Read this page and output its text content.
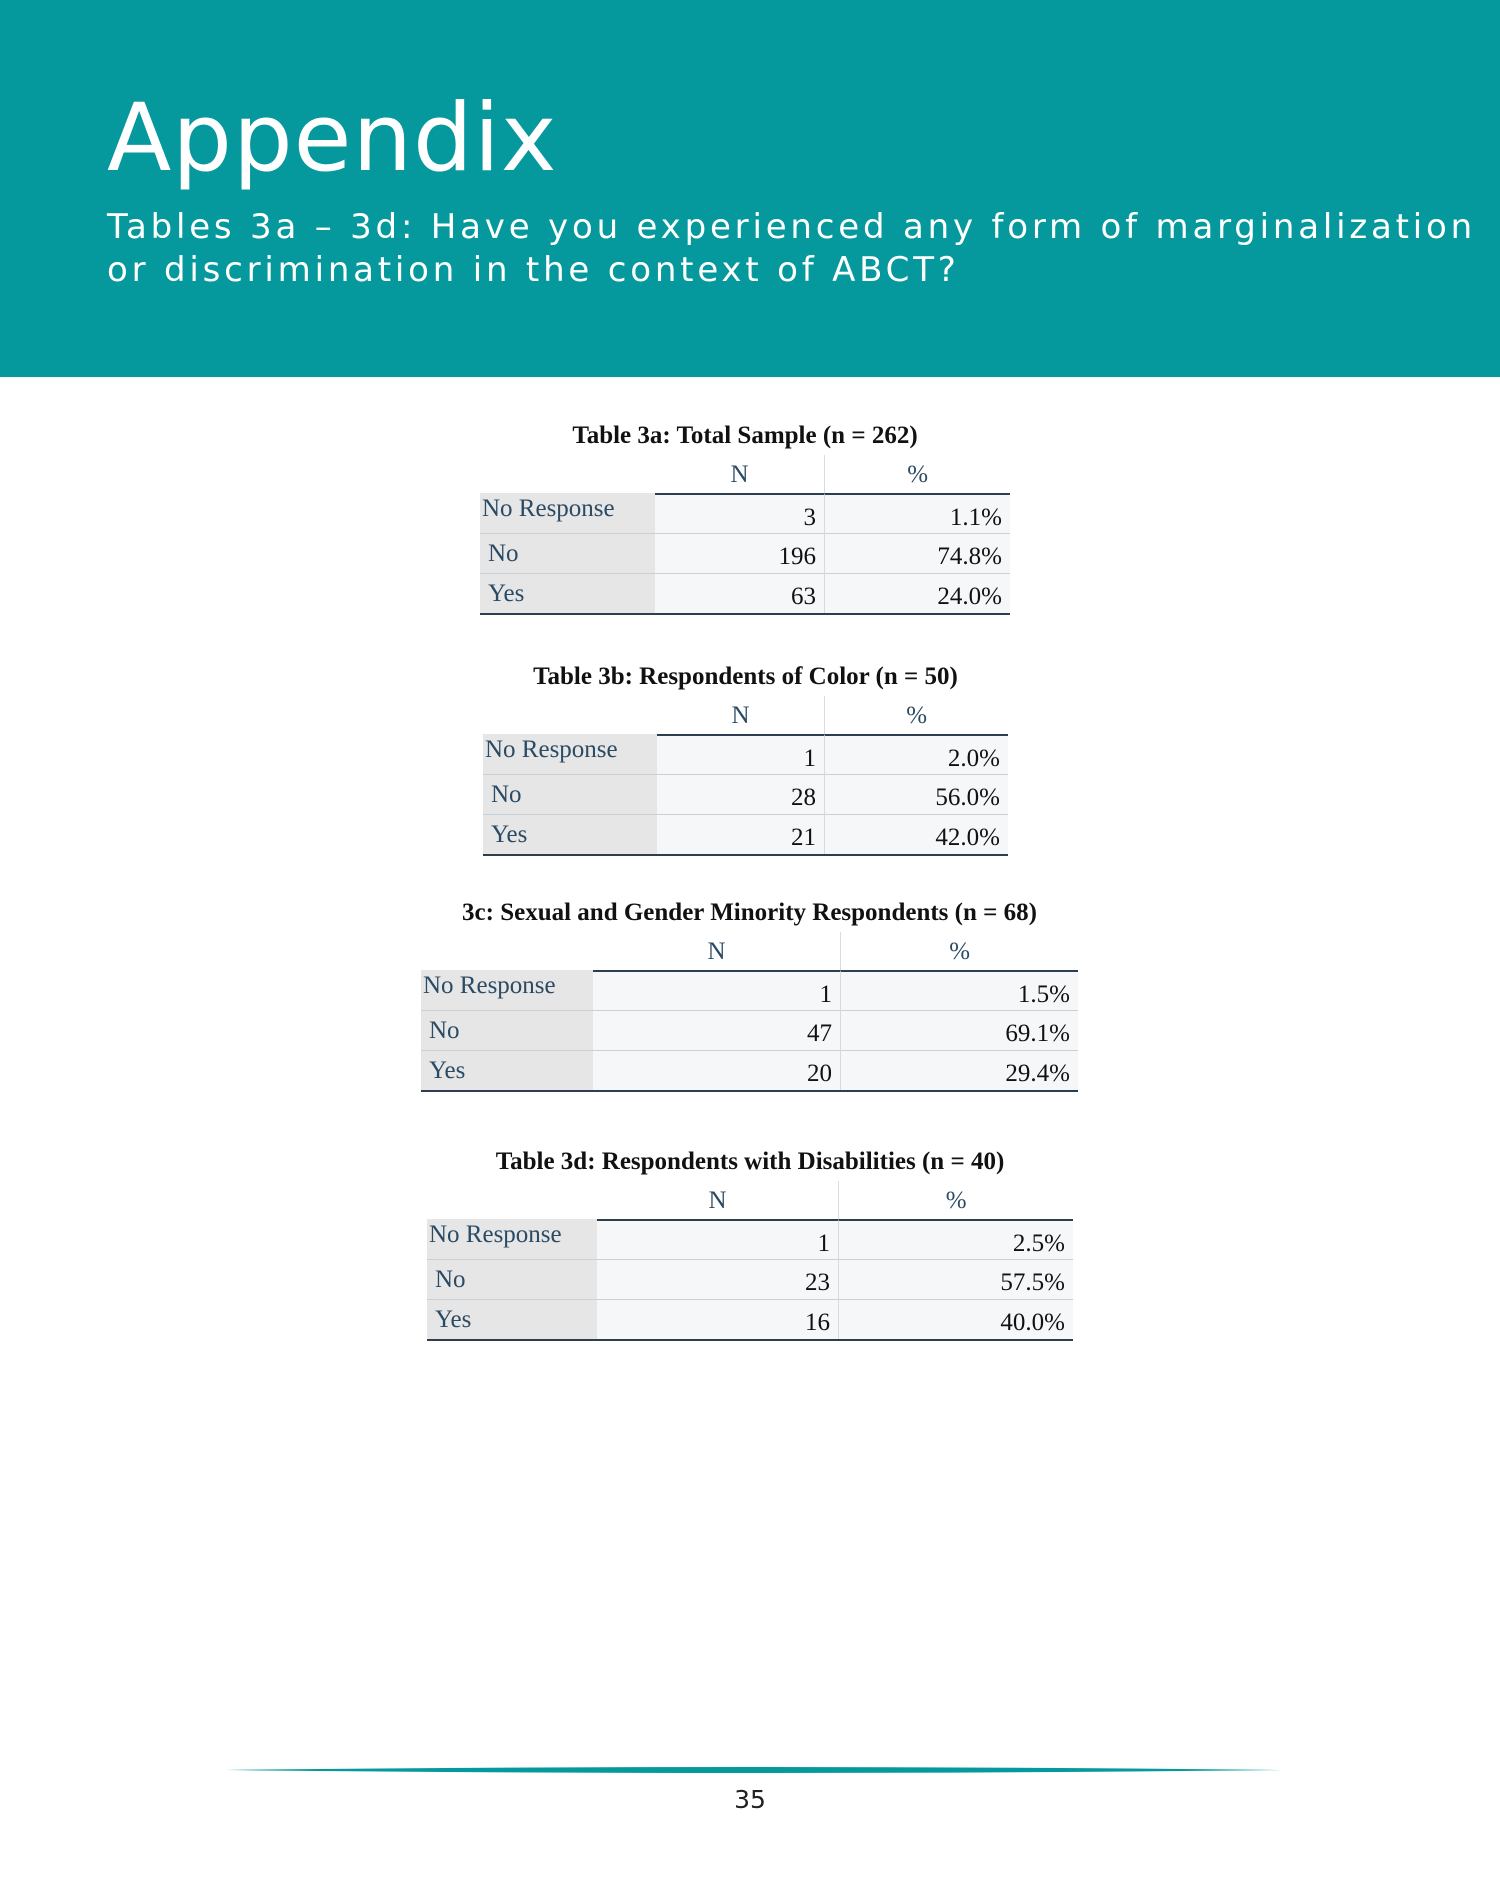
Appendix

Tables 3a – 3d: Have you experienced any form of marginalization or discrimination in the context of ABCT?

Table 3a: Total Sample (n = 262)
N	%
No Response	3	1.1%
No	196	74.8%
Yes	63	24.0%
Table 3b: Respondents of Color (n = 50)
N	%
No Response	1	2.0%
No	28	56.0%
Yes	21	42.0%
3c: Sexual and Gender Minority Respondents (n = 68)
N	%
No Response	1	1.5%
No	47	69.1%
Yes	20	29.4%
Table 3d: Respondents with Disabilities (n = 40)
N	%
No Response	1	2.5%
No	23	57.5%
Yes	16	40.0%
35
